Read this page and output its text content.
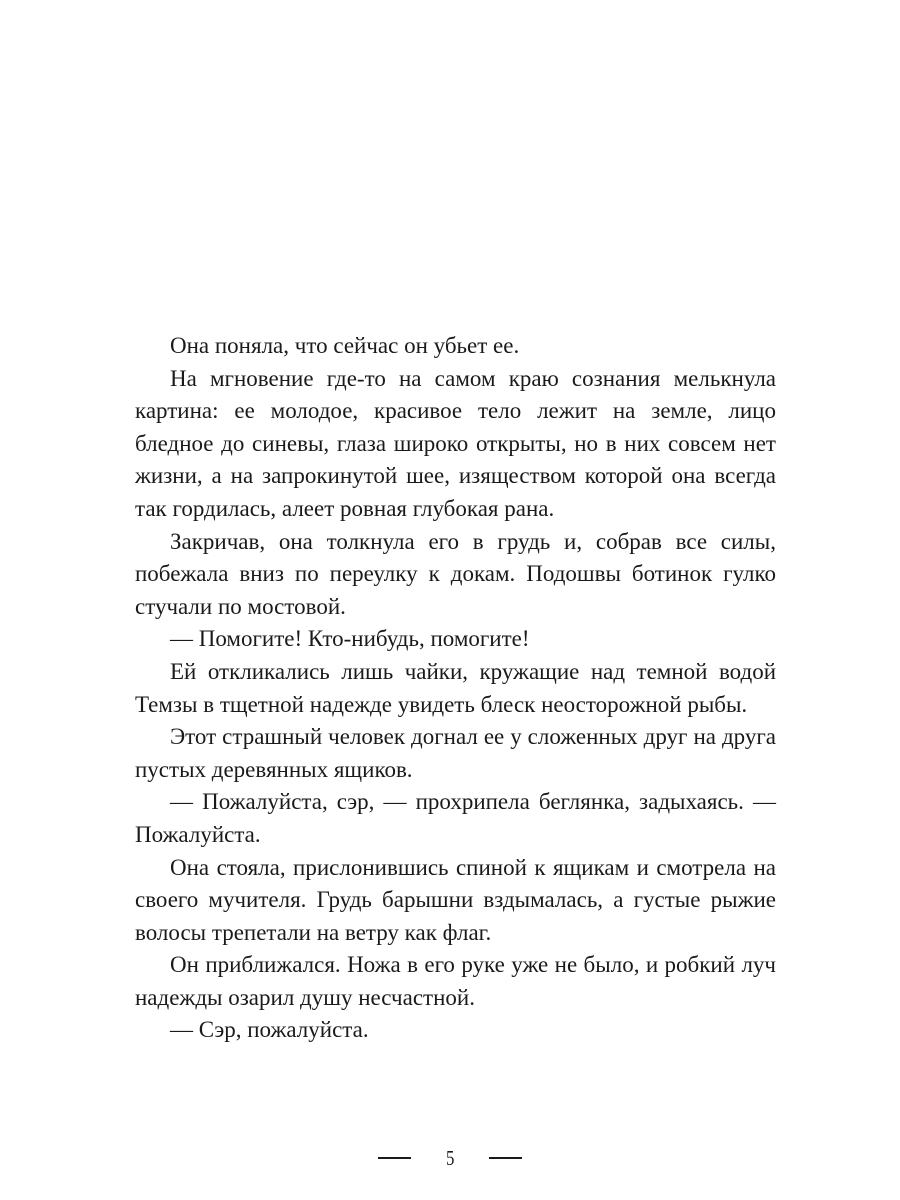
Она поняла, что сейчас он убьет ее.

На мгновение где-то на самом краю сознания мелькнула картина: ее молодое, красивое тело лежит на земле, лицо бледное до синевы, глаза широко открыты, но в них совсем нет жизни, а на запрокинутой шее, изяществом которой она всегда так гордилась, алеет ровная глубокая рана.

Закричав, она толкнула его в грудь и, собрав все силы, побежала вниз по переулку к докам. Подошвы ботинок гулко стучали по мостовой.

— Помогите! Кто-нибудь, помогите!

Ей откликались лишь чайки, кружащие над темной водой Темзы в тщетной надежде увидеть блеск неосторожной рыбы.

Этот страшный человек догнал ее у сложенных друг на друга пустых деревянных ящиков.

— Пожалуйста, сэр, — прохрипела беглянка, задыхаясь. — Пожалуйста.

Она стояла, прислонившись спиной к ящикам и смотрела на своего мучителя. Грудь барышни вздымалась, а густые рыжие волосы трепетали на ветру как флаг.

Он приближался. Ножа в его руке уже не было, и робкий луч надежды озарил душу несчастной.

— Сэр, пожалуйста.

5
